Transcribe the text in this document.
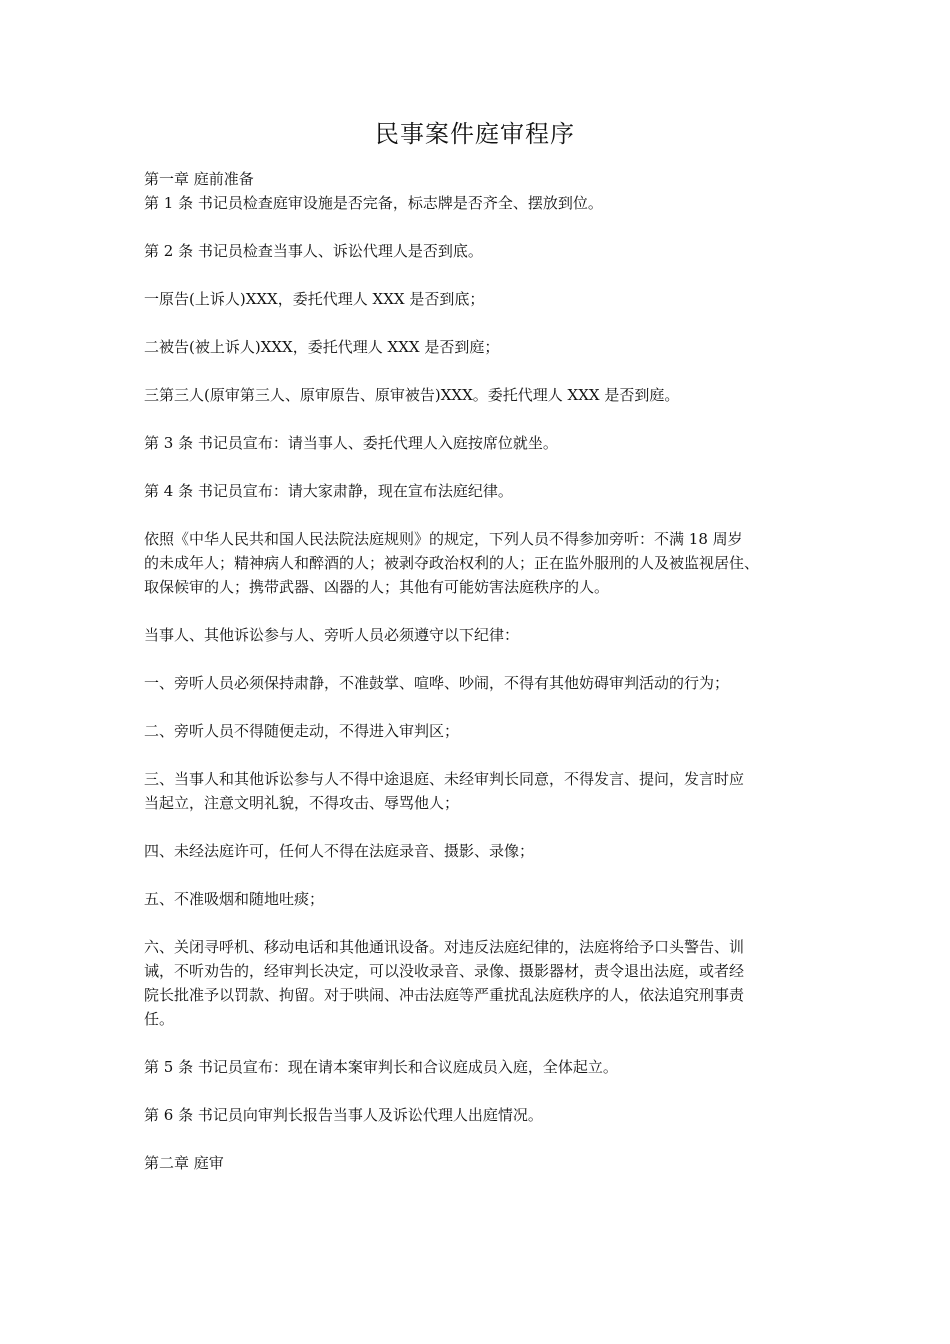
民事案件庭审程序

第一章 庭前准备

第 1 条 书记员检查庭审设施是否完备，标志牌是否齐全、摆放到位。

第 2 条 书记员检查当事人、诉讼代理人是否到底。

一原告(上诉人)XXX，委托代理人 XXX 是否到底；

二被告(被上诉人)XXX，委托代理人 XXX 是否到庭；

三第三人(原审第三人、原审原告、原审被告)XXX。委托代理人 XXX 是否到庭。

第 3 条 书记员宣布：请当事人、委托代理人入庭按席位就坐。

第 4 条 书记员宣布：请大家肃静，现在宣布法庭纪律。

依照《中华人民共和国人民法院法庭规则》的规定，下列人员不得参加旁听：不满 18 周岁

的未成年人；精神病人和醉酒的人；被剥夺政治权利的人；正在监外服刑的人及被监视居住、

取保候审的人；携带武器、凶器的人；其他有可能妨害法庭秩序的人。

当事人、其他诉讼参与人、旁听人员必须遵守以下纪律：

一、旁听人员必须保持肃静，不准鼓掌、喧哗、吵闹，不得有其他妨碍审判活动的行为；

二、旁听人员不得随便走动，不得进入审判区；

三、当事人和其他诉讼参与人不得中途退庭、未经审判长同意，不得发言、提问，发言时应

当起立，注意文明礼貌，不得攻击、辱骂他人；

四、未经法庭许可，任何人不得在法庭录音、摄影、录像；

五、不准吸烟和随地吐痰；

六、关闭寻呼机、移动电话和其他通讯设备。对违反法庭纪律的，法庭将给予口头警告、训

诫，不听劝告的，经审判长决定，可以没收录音、录像、摄影器材，责令退出法庭，或者经

院长批准予以罚款、拘留。对于哄闹、冲击法庭等严重扰乱法庭秩序的人，依法追究刑事责

任。

第 5 条 书记员宣布：现在请本案审判长和合议庭成员入庭，全体起立。

第 6 条 书记员向审判长报告当事人及诉讼代理人出庭情况。

第二章 庭审
